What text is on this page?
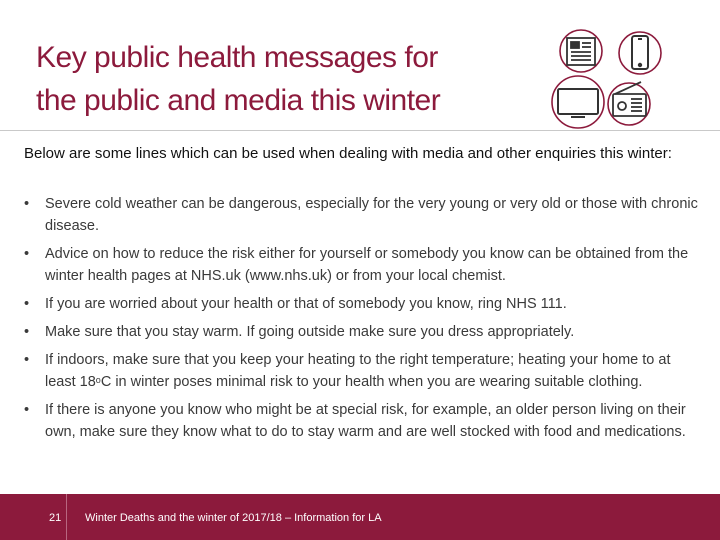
Key public health messages for
the public and media this winter

Below are some lines which can be used when dealing with media and other enquiries this winter:

•	Severe cold weather can be dangerous, especially for the very young or very old or those with chronic disease.
•	Advice on how to reduce the risk either for yourself or somebody you know can be obtained from the winter health pages at NHS.uk (www.nhs.uk) or from your local chemist.
•	If you are worried about your health or that of somebody you know, ring NHS 111.
•	Make sure that you stay warm. If going outside make sure you dress appropriately.
•	If indoors, make sure that you keep your heating to the right temperature; heating your home to at least 18$^o$C in winter poses minimal risk to your health when you are wearing suitable clothing.
•	If there is anyone you know who might be at special risk, for example, an older person living on their own, make sure they know what to do to stay warm and are well stocked with food and medications.
21 Winter Deaths and the winter of 2017/18 – Information for LA
